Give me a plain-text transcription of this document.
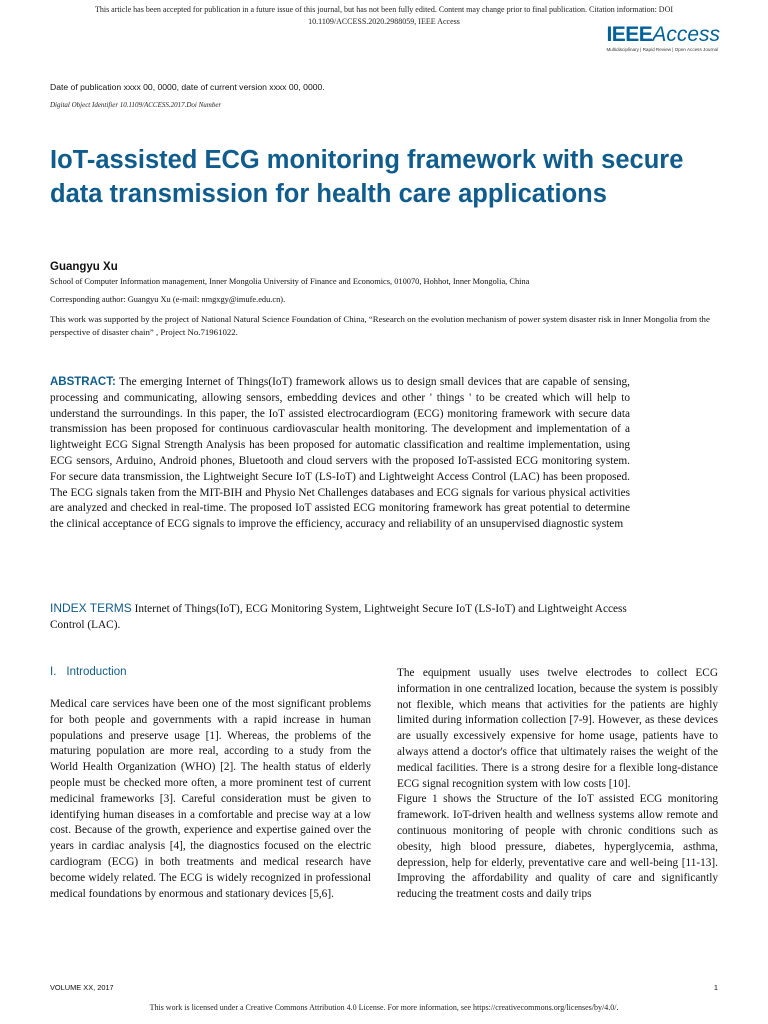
This article has been accepted for publication in a future issue of this journal, but has not been fully edited. Content may change prior to final publication. Citation information: DOI
10.1109/ACCESS.2020.2988059, IEEE Access
IEEEAccess
Multidisciplinary | Rapid Review | Open Access Journal
Date of publication xxxx 00, 0000, date of current version xxxx 00, 0000.
Digital Object Identifier 10.1109/ACCESS.2017.Doi Number
IoT-assisted ECG monitoring framework with secure data transmission for health care applications
Guangyu Xu
School of Computer Information management, Inner Mongolia University of Finance and Economics, 010070, Hohhot, Inner Mongolia, China
Corresponding author: Guangyu Xu (e-mail: nmgxgy@imufe.edu.cn).
This work was supported by the project of National Natural Science Foundation of China, “Research on the evolution mechanism of power system disaster risk in Inner Mongolia from the perspective of disaster chain” , Project No.71961022.
ABSTRACT: The emerging Internet of Things(IoT) framework allows us to design small devices that are capable of sensing, processing and communicating, allowing sensors, embedding devices and other ' things ' to be created which will help to understand the surroundings. In this paper, the IoT assisted electrocardiogram (ECG) monitoring framework with secure data transmission has been proposed for continuous cardiovascular health monitoring. The development and implementation of a lightweight ECG Signal Strength Analysis has been proposed for automatic classification and realtime implementation, using ECG sensors, Arduino, Android phones, Bluetooth and cloud servers with the proposed IoT-assisted ECG monitoring system. For secure data transmission, the Lightweight Secure IoT (LS-IoT) and Lightweight Access Control (LAC) has been proposed. The ECG signals taken from the MIT-BIH and Physio Net Challenges databases and ECG signals for various physical activities are analyzed and checked in real-time. The proposed IoT assisted ECG monitoring framework has great potential to determine the clinical acceptance of ECG signals to improve the efficiency, accuracy and reliability of an unsupervised diagnostic system
INDEX TERMS Internet of Things(IoT), ECG Monitoring System, Lightweight Secure IoT (LS-IoT) and Lightweight Access Control (LAC).
I. Introduction

Medical care services have been one of the most significant problems for both people and governments with a rapid increase in human populations and preserve usage [1]. Whereas, the problems of the maturing population are more real, according to a study from the World Health Organization (WHO) [2]. The health status of elderly people must be checked more often, a more prominent test of current medicinal frameworks [3]. Careful consideration must be given to identifying human diseases in a comfortable and precise way at a low cost. Because of the growth, experience and expertise gained over the years in cardiac analysis [4], the diagnostics focused on the electric cardiogram (ECG) in both treatments and medical research have become widely related. The ECG is widely recognized in professional medical foundations by enormous and stationary devices [5,6].

The equipment usually uses twelve electrodes to collect ECG information in one centralized location, because the system is possibly not flexible, which means that activities for the patients are highly limited during information collection [7-9]. However, as these devices are usually excessively expensive for home usage, patients have to always attend a doctor's office that ultimately raises the weight of the medical facilities. There is a strong desire for a flexible long-distance ECG signal recognition system with low costs [10].

Figure 1 shows the Structure of the IoT assisted ECG monitoring framework. IoT-driven health and wellness systems allow remote and continuous monitoring of people with chronic conditions such as obesity, high blood pressure, diabetes, hyperglycemia, asthma, depression, help for elderly, preventative care and well-being [11-13]. Improving the affordability and quality of care and significantly reducing the treatment costs and daily trips

VOLUME XX, 2017	1
This work is licensed under a Creative Commons Attribution 4.0 License. For more information, see https://creativecommons.org/licenses/by/4.0/.
